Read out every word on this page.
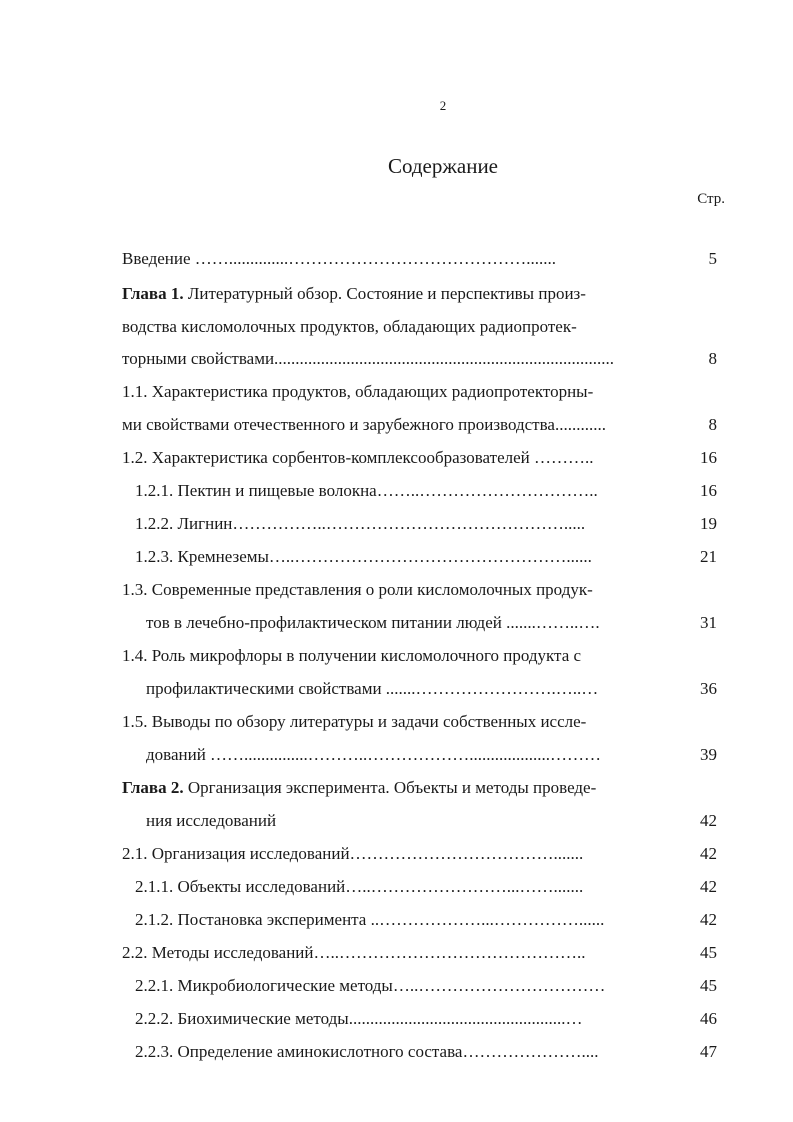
2
Содержание
Стр.
Введение ……..............…………………………………….......	5
Глава 1. Литературный обзор. Состояние и перспективы произ-
водства кисломолочных продуктов, обладающих радиопротек-
торными свойствами................................................................................	8
1.1. Характеристика продуктов, обладающих радиопротекторны-
ми свойствами отечественного и зарубежного производства............	8
1.2. Характеристика сорбентов-комплексообразователей ………..	16
1.2.1. Пектин и пищевые волокна……..…………………………..	16
1.2.2. Лигнин……………..…………………………………….....	19
1.2.3. Кремнеземы…..…………………………………………......	21
1.3. Современные представления о роли кисломолочных продук-
тов в лечебно-профилактическом питании людей .......……..….	31
1.4. Роль микрофлоры в получении кисломолочного продукта с
профилактическими свойствами .......…………………….…..…	36
1.5. Выводы по обзору литературы и задачи собственных иссле-
дований ……...............………..………………...................………	39
Глава 2. Организация эксперимента. Объекты и методы проведе-
ния исследований	42
2.1. Организация исследований……………………………….......	42
2.1.1. Объекты исследований…..……………………...…….......	42
2.1.2. Постановка эксперимента ..………………...……………......	42
2.2. Методы исследований…..……………………………………..	45
2.2.1. Микробиологические методы…..……………………………	45
2.2.2. Биохимические методы...................................................…	46
2.2.3. Определение аминокислотного состава…………………....	47
